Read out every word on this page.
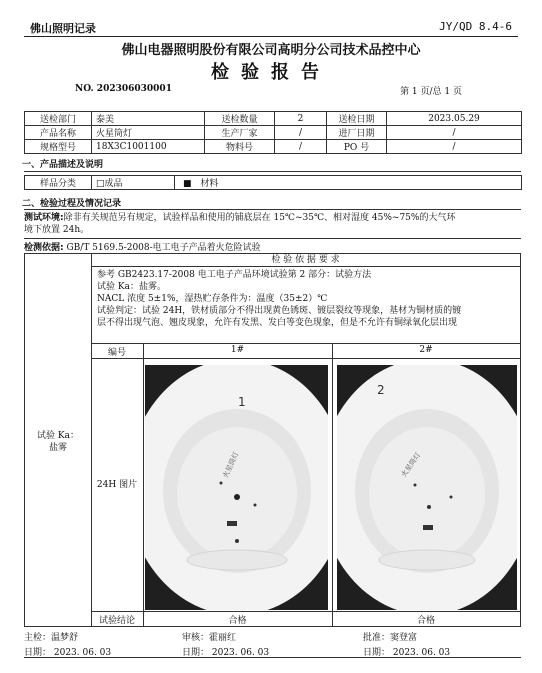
佛山照明记录	JY/QD 8.4-6
佛山电器照明股份有限公司高明分公司技术品控中心
检验报告
NO. 202306030001	第 1 页/总 1 页
送检部门	泰美	送检数量	2	送检日期	2023.05.29
产品名称	火星筒灯	生产厂家	/	进厂日期	/
规格型号	18X3C1001100	物料号	/	PO 号	/
一、产品描述及说明
样品分类	□成品	■ 材料
二、检验过程及情况记录
测试环境:除非有关规范另有规定，试验样品和使用的铺底层在 15℃~35℃、相对湿度 45%~75%的大气环
境下放置 24h。
检测依据: GB/T 5169.5-2008-电工电子产品着火危险试验
检 验 依 据 要 求
参考 GB2423.17-2008 电工电子产品环境试验第 2 部分：试验方法
试验 Ka：盐雾。
NACL 浓度 5±1%，湿热贮存条件为：温度（35±2）℃
试验判定：试验 24H，铁材质部分不得出现黄色锈斑、镀层裂纹等现象，基材为铜材质的镀
层不得出现气泡、翘皮现象，允许有发黑、发白等变色现象，但是不允许有铜绿氧化层出现
试验 Ka：
盐雾
编号	1#	2#
24H 图片
1
火星筒灯
2
火星筒灯
试验结论	合格	合格
主检：温梦舒	审核：霍丽红	批准：窦登富
日期： 2023. 06. 03	日期： 2023. 06. 03	日期： 2023. 06. 03
